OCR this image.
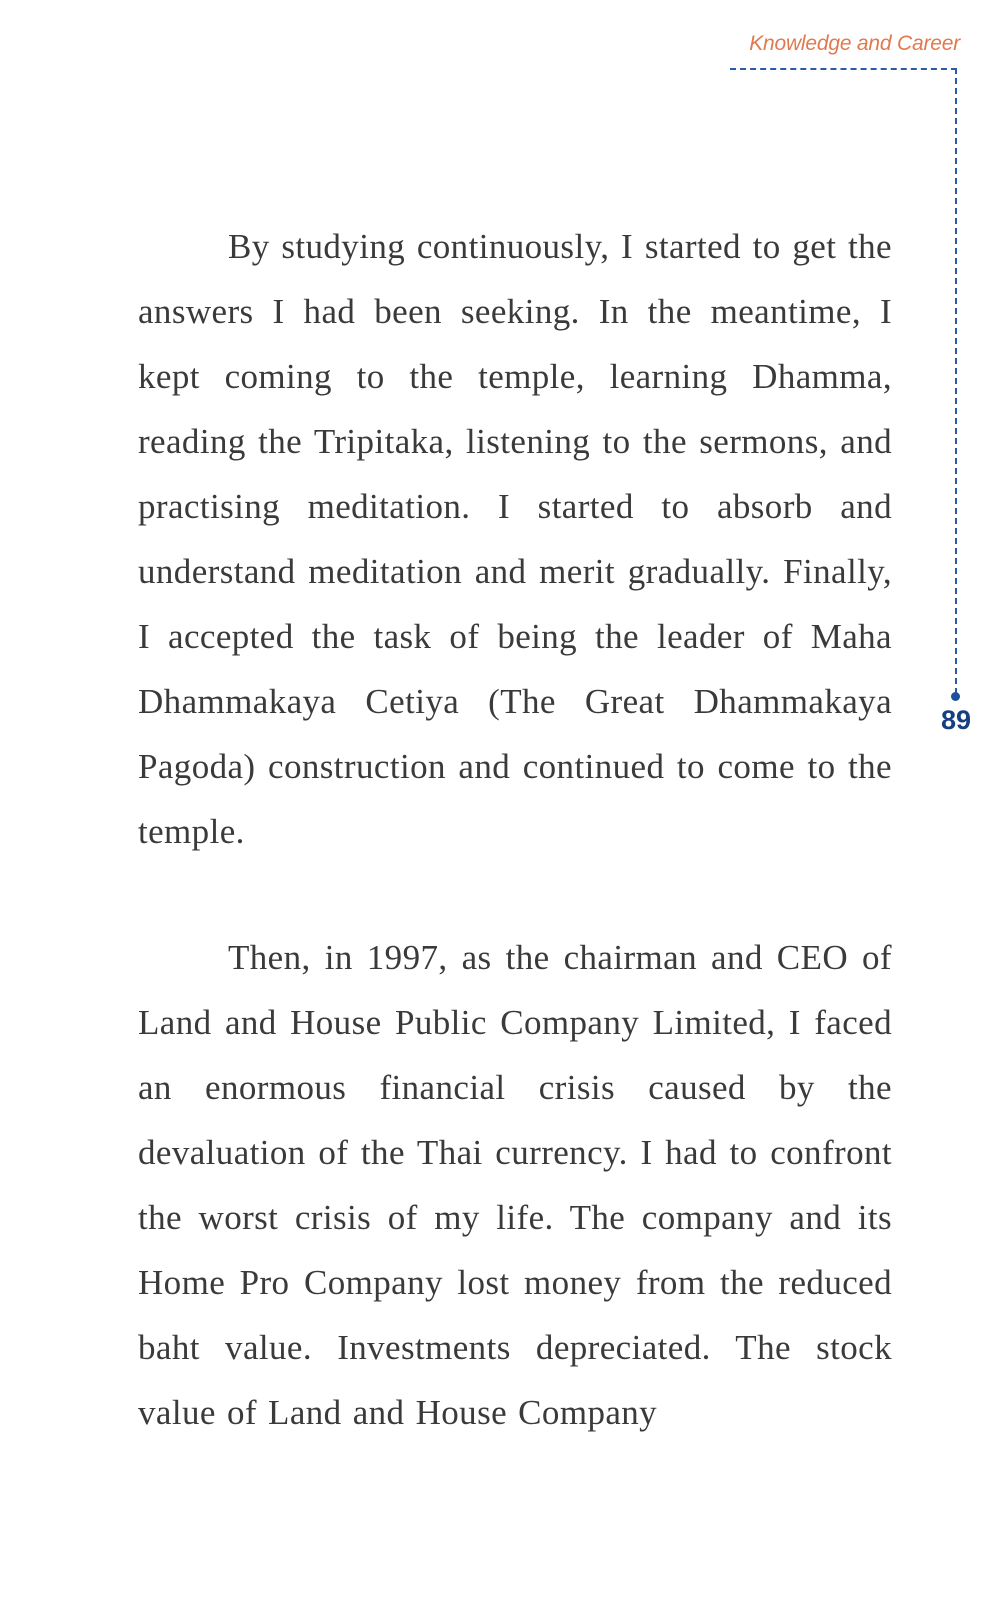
Knowledge and Career
89

By studying continuously, I started to get the answers I had been seeking. In the meantime, I kept coming to the temple, learning Dhamma, reading the Tripitaka, listening to the sermons, and practising meditation. I started to absorb and understand meditation and merit gradually. Finally, I accepted the task of being the leader of Maha Dhammakaya Cetiya (The Great Dhammakaya Pagoda) construction and continued to come to the temple.

Then, in 1997, as the chairman and CEO of Land and House Public Company Limited, I faced an enormous financial crisis caused by the devaluation of the Thai currency. I had to confront the worst crisis of my life. The company and its Home Pro Company lost money from the reduced baht value. Investments depreciated. The stock value of Land and House Company
